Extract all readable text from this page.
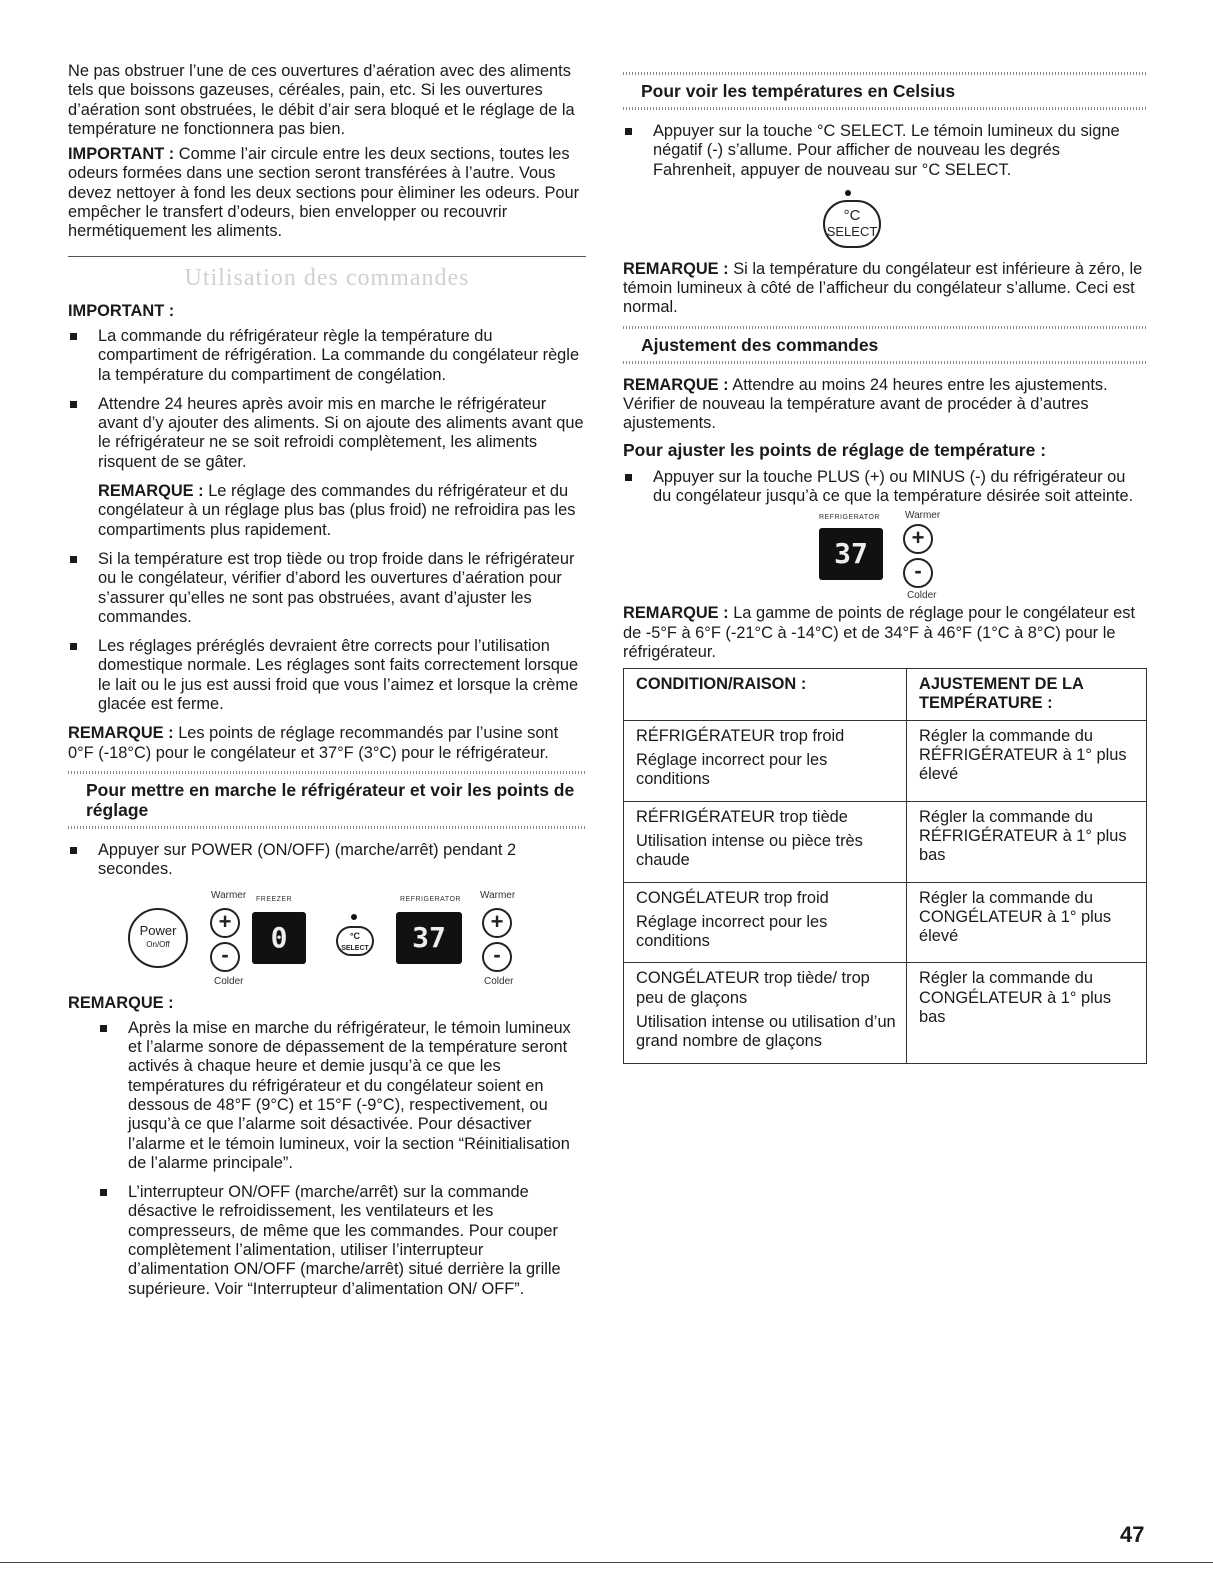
Ne pas obstruer l’une de ces ouvertures d’aération avec des aliments tels que boissons gazeuses, céréales, pain, etc. Si les ouvertures d’aération sont obstruées, le débit d’air sera bloqué et le réglage de la température ne fonctionnera pas bien.

IMPORTANT : Comme l’air circule entre les deux sections, toutes les odeurs formées dans une section seront transférées à l’autre. Vous devez nettoyer à fond les deux sections pour èliminer les odeurs. Pour empêcher le transfert d’odeurs, bien envelopper ou recouvrir hermétiquement les aliments.

Utilisation des commandes

IMPORTANT :

La commande du réfrigérateur règle la température du compartiment de réfrigération. La commande du congélateur règle la température du compartiment de congélation.
Attendre 24 heures après avoir mis en marche le réfrigérateur avant d’y ajouter des aliments. Si on ajoute des aliments avant que le réfrigérateur ne se soit refroidi complètement, les aliments risquent de se gâter.

REMARQUE : Le réglage des commandes du réfrigérateur et du congélateur à un réglage plus bas (plus froid) ne refroidira pas les compartiments plus rapidement.

Si la température est trop tiède ou trop froide dans le réfrigérateur ou le congélateur, vérifier d’abord les ouvertures d’aération pour s’assurer qu’elles ne sont pas obstruées, avant d’ajuster les commandes.
Les réglages préréglés devraient être corrects pour l’utilisation domestique normale. Les réglages sont faits correctement lorsque le lait ou le jus est aussi froid que vous l’aimez et lorsque la crème glacée est ferme.

REMARQUE : Les points de réglage recommandés par l’usine sont 0°F (-18°C) pour le congélateur et 37°F (3°C) pour le réfrigérateur.

Pour mettre en marche le réfrigérateur et voir les points de réglage
Appuyer sur POWER (ON/OFF) (marche/arrêt) pendant 2 secondes.
Warmer FREEZER	REFRIGERATOR Warmer
Power
On/Off
+
-
0	°C
SELECT	37	+
-
Colder	Colder

REMARQUE :

Après la mise en marche du réfrigérateur, le témoin lumineux et l’alarme sonore de dépassement de la température seront activés à chaque heure et demie jusqu’à ce que les températures du réfrigérateur et du congélateur soient en dessous de 48°F (9°C) et 15°F (-9°C), respectivement, ou jusqu’à ce que l’alarme soit désactivée. Pour désactiver l’alarme et le témoin lumineux, voir la section “Réinitialisation de l’alarme principale”.
L’interrupteur ON/OFF (marche/arrêt) sur la commande désactive le refroidissement, les ventilateurs et les compresseurs, de même que les commandes. Pour couper complètement l’alimentation, utiliser l’interrupteur d’alimentation ON/OFF (marche/arrêt) situé derrière la grille supérieure. Voir “Interrupteur d’alimentation ON/ OFF”.
Pour voir les températures en Celsius
Appuyer sur la touche °C SELECT. Le témoin lumineux du signe négatif (-) s’allume. Pour afficher de nouveau les degrés Fahrenheit, appuyer de nouveau sur °C SELECT.
°C
SELECT

REMARQUE : Si la température du congélateur est inférieure à zéro, le témoin lumineux à côté de l’afficheur du congélateur s’allume. Ceci est normal.

Ajustement des commandes

REMARQUE : Attendre au moins 24 heures entre les ajustements. Vérifier de nouveau la température avant de procéder à d’autres ajustements.

Pour ajuster les points de réglage de température :
Appuyer sur la touche PLUS (+) ou MINUS (-) du réfrigérateur ou du congélateur jusqu’à ce que la température désirée soit atteinte.
REFRIGERATOR	Warmer
37	+
-
Colder

REMARQUE : La gamme de points de réglage pour le congélateur est de -5°F à 6°F (-21°C à -14°C) et de 34°F à 46°F (1°C à 8°C) pour le réfrigérateur.

CONDITION/RAISON :	AJUSTEMENT DE LA TEMPÉRATURE :

RÉFRIGÉRATEUR trop froid
Réglage incorrect pour les conditions	Régler la commande du RÉFRIGÉRATEUR à 1° plus élevé

RÉFRIGÉRATEUR trop tiède
Utilisation intense ou pièce très chaude	Régler la commande du RÉFRIGÉRATEUR à 1° plus bas

CONGÉLATEUR trop froid
Réglage incorrect pour les conditions	Régler la commande du CONGÉLATEUR à 1° plus élevé

CONGÉLATEUR trop tiède/ trop peu de glaçons
Utilisation intense ou utilisation d’un grand nombre de glaçons	Régler la commande du CONGÉLATEUR à 1° plus bas
47
